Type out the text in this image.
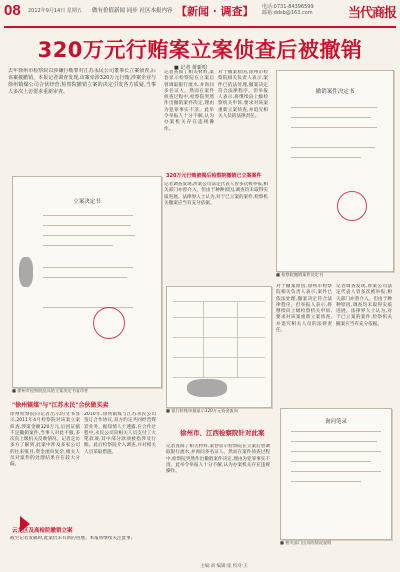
08 2012年9月14日 星期五 做有价值新闻 同步 社区本报内容 【新闻 · 调查】 电话:0731-84396599
邮箱:ddsb@163.com	当代商报
320万元行贿案立案侦查后被撤销
■ 记者 黄新明
去年徐州市检察院以涉嫌行贿罪对江苏永民公司董事长立案侦查,后该案被撤销。本报记者调查发现,该案牵涉320万元行贿,涉案企业与徐州镇煤公司合伙经营,检察院撤销立案的决定引发各方质疑,当事人多次上访要求重新审查。
立案决定书
■ 徐州市检察院出具的立案决定书复印件
"徐州镇煤"与"江苏永民"合伙做买卖
徐州检察院向记者出示的文书显示,2011年4月检察院对该案立案侦查,涉案金额320万元,后因证据不足撤销案件,当事人对此不服,多次向上级机关反映情况。记者走访多方了解到,此案中涉及多家公司的往来账目,资金流向复杂,相关人员对案件的处理结果存在较大分歧。
2010年,徐州镇煤与江苏永民公司签订合作协议,双方约定共同经营煤炭业务。据知情人士透露,在合作过程中,永民公司向相关人员支付了大笔款项,其中部分款项被指涉及行贿。此后检察院介入调查,并对相关人员采取措施。
云龙区及高检院撤销立案
截至记者发稿时,此案仍未有新的进展。本报将继续关注此事。
记者查阅了相关材料,案卷显示检察院在立案后曾调取银行流水,并询问多名证人。然而在案件侦查过程中,检察院突然作出撤销案件决定,理由为犯罪事实不清。此举令举报人十分不解,认为办案机关存在违规操作。
对于撤案原因,徐州市检察院相关负责人表示,案件已依法处理,撤案决定符合法律程序。但举报人表示,将继续向上级检察机关申诉,要求对该案重新立案侦查,并追究相关人员的法律责任。
320万元行贿被揭后检察院撤销已立案案件
记者调查发现,涉案公司法定代表人曾多次被举报,相关部门亦曾介入。但由于种种原因,调查均未取得实质进展。法律界人士认为,对于已立案的案件,检察机关撤案应当有充分依据。
■ 银行转账单据显示320万元资金流向
徐州市、江西检察院针对此案
记者查阅了相关材料,案卷显示检察院在立案后曾调取银行流水,并询问多名证人。然而在案件侦查过程中,检察院突然作出撤销案件决定,理由为犯罪事实不清。此举令举报人十分不解,认为办案机关存在违规操作。
撤销案件决定书
■ 检察院撤销案件决定书
对于撤案原因,徐州市检察院相关负责人表示,案件已依法处理,撤案决定符合法律程序。但举报人表示,将继续向上级检察机关申诉,要求对该案重新立案侦查,并追究相关人员的法律责任。
记者调查发现,涉案公司法定代表人曾多次被举报,相关部门亦曾介入。但由于种种原因,调查均未取得实质进展。法律界人士认为,对于已立案的案件,检察机关撤案应当有充分依据。
询问笔录
■ 相关部门出具的情况说明
主编:刘 编辑:张 校对:王
